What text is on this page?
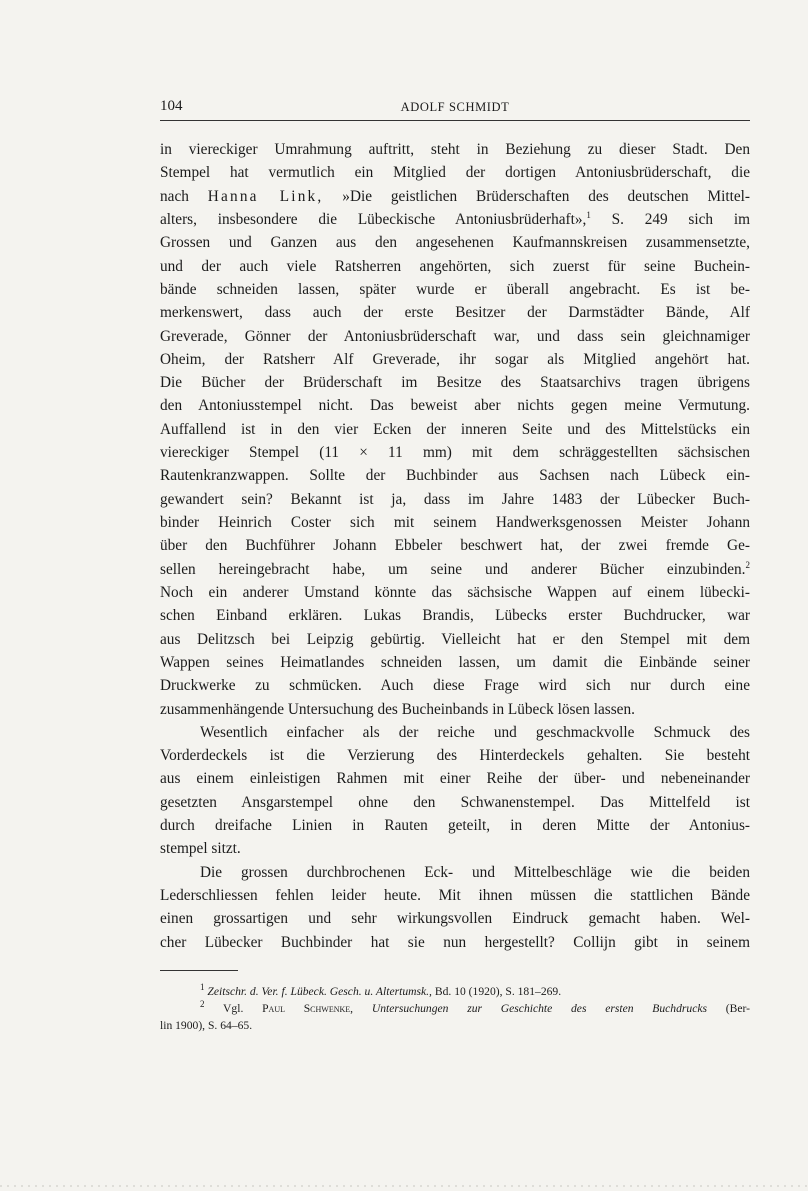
104	ADOLF SCHMIDT
in viereckiger Umrahmung auftritt, steht in Beziehung zu dieser Stadt. Den
Stempel hat vermutlich ein Mitglied der dortigen Antoniusbrüderschaft, die
nach Hanna Link, »Die geistlichen Brüderschaften des deutschen Mittel-
alters, insbesondere die Lübeckische Antoniusbrüderhaft»,$^1$ S. 249 sich im
Grossen und Ganzen aus den angesehenen Kaufmannskreisen zusammensetzte,
und der auch viele Ratsherren angehörten, sich zuerst für seine Buchein-
bände schneiden lassen, später wurde er überall angebracht. Es ist be-
merkenswert, dass auch der erste Besitzer der Darmstädter Bände, Alf
Greverade, Gönner der Antoniusbrüderschaft war, und dass sein gleichnamiger
Oheim, der Ratsherr Alf Greverade, ihr sogar als Mitglied angehört hat.
Die Bücher der Brüderschaft im Besitze des Staatsarchivs tragen übrigens
den Antoniusstempel nicht. Das beweist aber nichts gegen meine Vermutung.
Auffallend ist in den vier Ecken der inneren Seite und des Mittelstücks ein
viereckiger Stempel (11 × 11 mm) mit dem schräggestellten sächsischen
Rautenkranzwappen. Sollte der Buchbinder aus Sachsen nach Lübeck ein-
gewandert sein? Bekannt ist ja, dass im Jahre 1483 der Lübecker Buch-
binder Heinrich Coster sich mit seinem Handwerksgenossen Meister Johann
über den Buchführer Johann Ebbeler beschwert hat, der zwei fremde Ge-
sellen hereingebracht habe, um seine und anderer Bücher einzubinden.$^2$
Noch ein anderer Umstand könnte das sächsische Wappen auf einem lübecki-
schen Einband erklären. Lukas Brandis, Lübecks erster Buchdrucker, war
aus Delitzsch bei Leipzig gebürtig. Vielleicht hat er den Stempel mit dem
Wappen seines Heimatlandes schneiden lassen, um damit die Einbände seiner
Druckwerke zu schmücken. Auch diese Frage wird sich nur durch eine
zusammenhängende Untersuchung des Bucheinbands in Lübeck lösen lassen.
Wesentlich einfacher als der reiche und geschmackvolle Schmuck des
Vorderdeckels ist die Verzierung des Hinterdeckels gehalten. Sie besteht
aus einem einleistigen Rahmen mit einer Reihe der über- und nebeneinander
gesetzten Ansgarstempel ohne den Schwanenstempel. Das Mittelfeld ist
durch dreifache Linien in Rauten geteilt, in deren Mitte der Antonius-
stempel sitzt.
Die grossen durchbrochenen Eck- und Mittelbeschläge wie die beiden
Lederschliessen fehlen leider heute. Mit ihnen müssen die stattlichen Bände
einen grossartigen und sehr wirkungsvollen Eindruck gemacht haben. Wel-
cher Lübecker Buchbinder hat sie nun hergestellt? Collijn gibt in seinem
$^1$ Zeitschr. d. Ver. f. Lübeck. Gesch. u. Altertumsk., Bd. 10 (1920), S. 181–269.
$^2$ Vgl. Paul Schwenke, Untersuchungen zur Geschichte des ersten Buchdrucks (Ber-
lin 1900), S. 64–65.
